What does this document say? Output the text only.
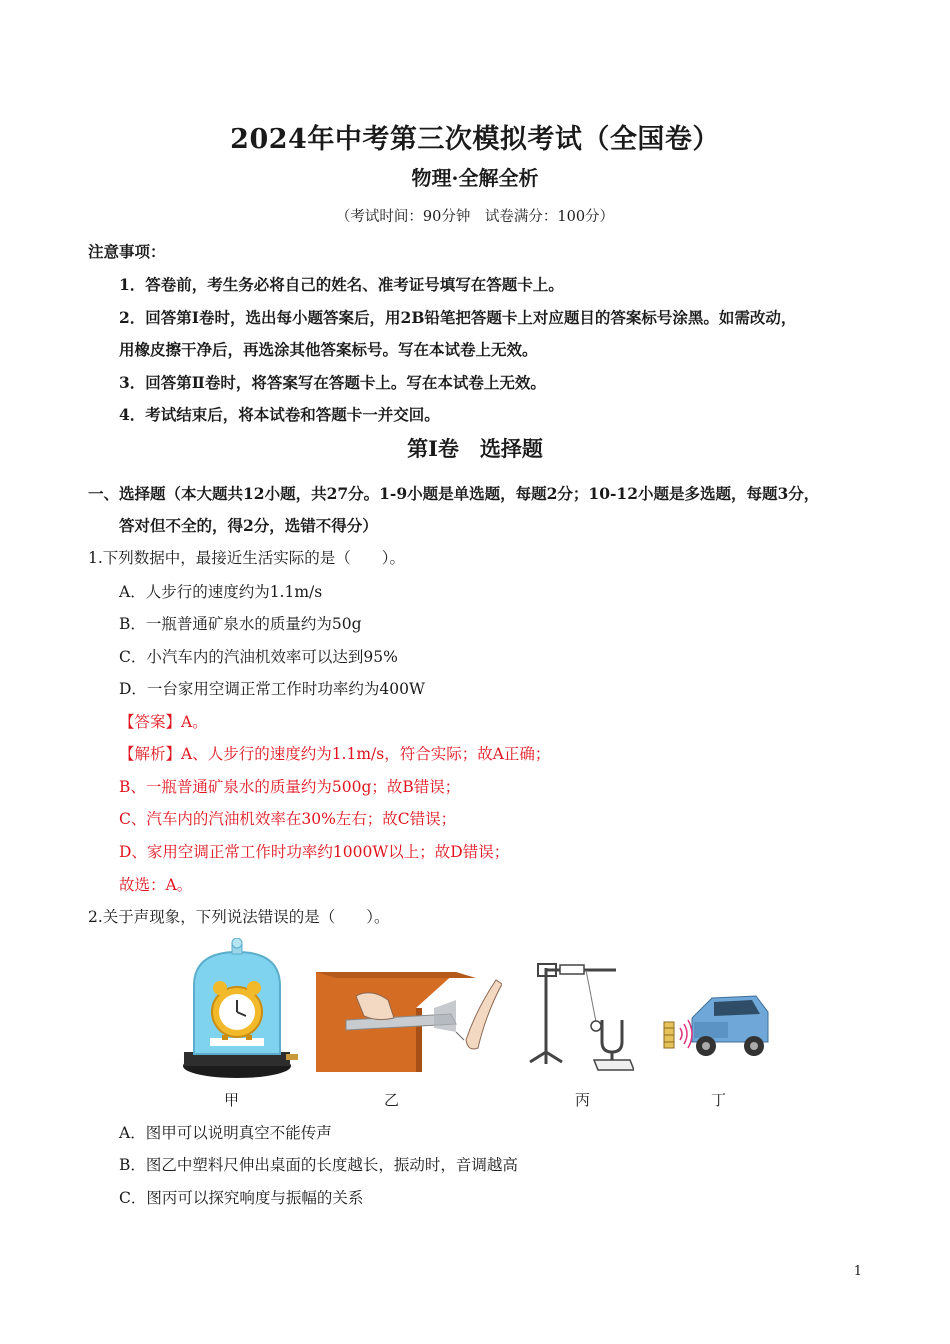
2024年中考第三次模拟考试（全国卷）
物理·全解全析
（考试时间：90分钟　试卷满分：100分）
注意事项：
1．答卷前，考生务必将自己的姓名、准考证号填写在答题卡上。
2．回答第Ⅰ卷时，选出每小题答案后，用2B铅笔把答题卡上对应题目的答案标号涂黑。如需改动，
用橡皮擦干净后，再选涂其他答案标号。写在本试卷上无效。
3．回答第Ⅱ卷时，将答案写在答题卡上。写在本试卷上无效。
4．考试结束后，将本试卷和答题卡一并交回。
第Ⅰ卷　选择题
一、选择题（本大题共12小题，共27分。1-9小题是单选题，每题2分；10-12小题是多选题，每题3分，
答对但不全的，得2分，选错不得分）
1.下列数据中，最接近生活实际的是（　　）。
A．人步行的速度约为1.1m/s
B．一瓶普通矿泉水的质量约为50g
C．小汽车内的汽油机效率可以达到95%
D．一台家用空调正常工作时功率约为400W
【答案】A。
【解析】A、人步行的速度约为1.1m/s，符合实际；故A正确；
B、一瓶普通矿泉水的质量约为500g；故B错误；
C、汽车内的汽油机效率在30%左右；故C错误；
D、家用空调正常工作时功率约1000W以上；故D错误；
故选：A。
2.关于声现象，下列说法错误的是（　　）。
甲	乙	丙	丁
A．图甲可以说明真空不能传声
B．图乙中塑料尺伸出桌面的长度越长，振动时，音调越高
C．图丙可以探究响度与振幅的关系
1
